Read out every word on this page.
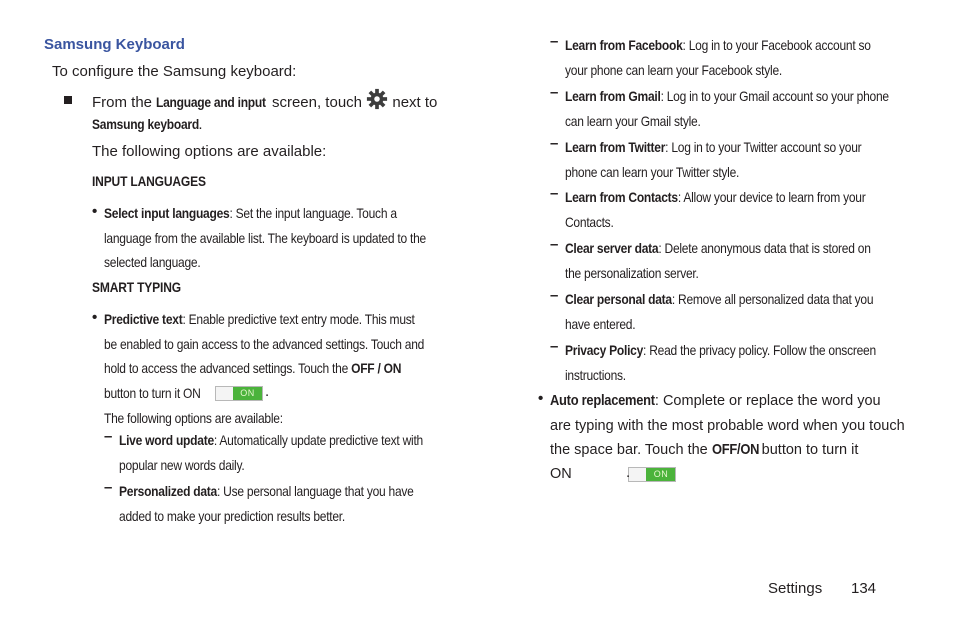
Samsung Keyboard
To configure the Samsung keyboard:
From the Language and input screen, touch next to
Samsung keyboard.
The following options are available:
INPUT LANGUAGES
• Select input languages: Set the input language. Touch a
language from the available list. The keyboard is updated to the
selected language.
SMART TYPING
• Predictive text: Enable predictive text entry mode. This must
be enabled to gain access to the advanced settings. Touch and
hold to access the advanced settings. Touch the OFF / ON
button to turn it ON	ON
.
The following options are available:
– Live word update: Automatically update predictive text with
popular new words daily.
– Personalized data: Use personal language that you have
added to make your prediction results better.
– Learn from Facebook: Log in to your Facebook account so
your phone can learn your Facebook style.
– Learn from Gmail: Log in to your Gmail account so your phone
can learn your Gmail style.
– Learn from Twitter: Log in to your Twitter account so your
phone can learn your Twitter style.
– Learn from Contacts: Allow your device to learn from your
Contacts.
– Clear server data: Delete anonymous data that is stored on
the personalization server.
– Clear personal data: Remove all personalized data that you
have entered.
– Privacy Policy: Read the privacy policy. Follow the onscreen
instructions.
• Auto replacement: Complete or replace the word you
are typing with the most probable word when you touch
the space bar. Touch the OFF/ON button to turn it
ON	ON
.
Settings 134
